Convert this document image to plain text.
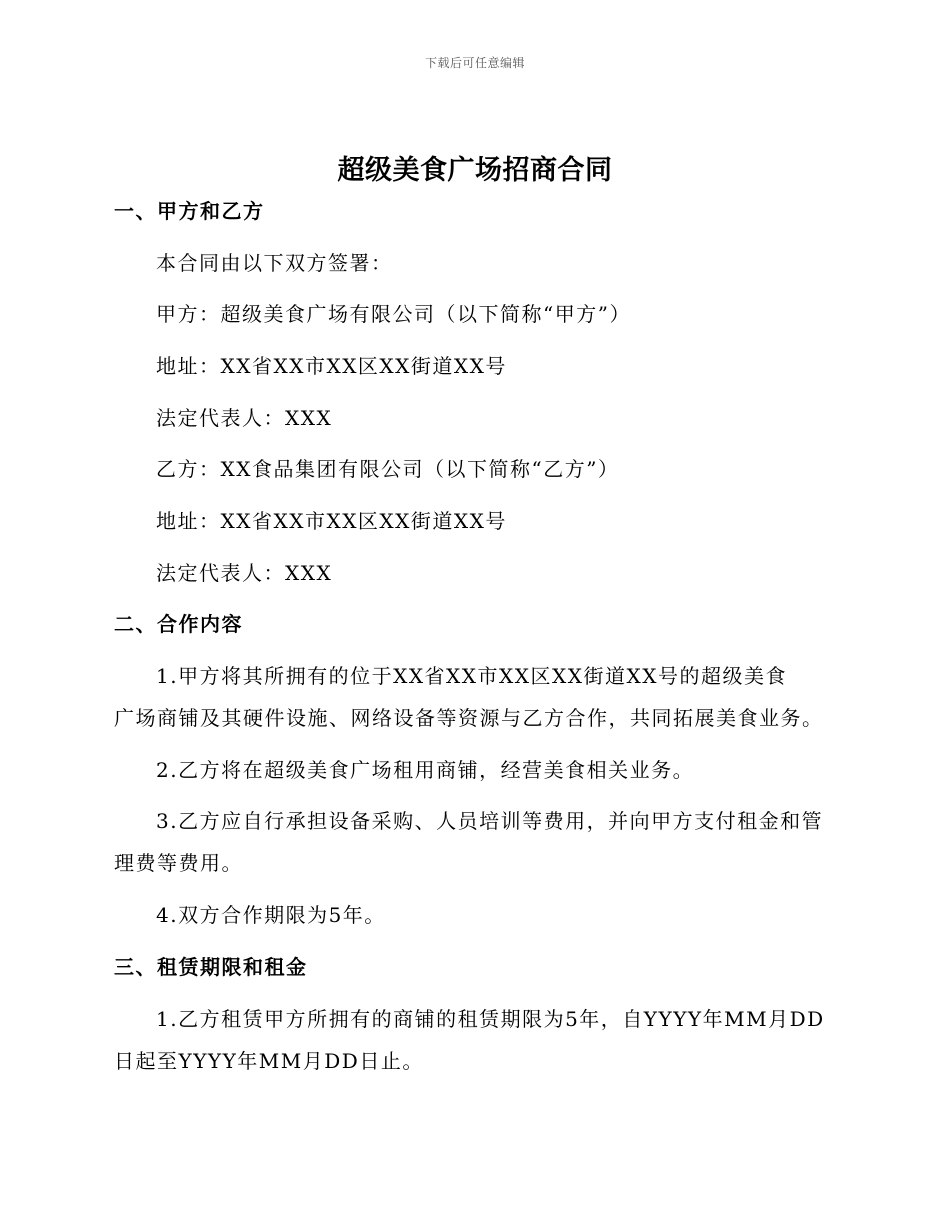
下载后可任意编辑
超级美食广场招商合同
一、甲方和乙方
本合同由以下双方签署：
甲方：超级美食广场有限公司（以下简称“甲方”）
地址：XX省XX市XX区XX街道XX号
法定代表人：XXX
乙方：XX食品集团有限公司（以下简称“乙方”）
地址：XX省XX市XX区XX街道XX号
法定代表人：XXX
二、合作内容
1.甲方将其所拥有的位于XX省XX市XX区XX街道XX号的超级美食
广场商铺及其硬件设施、网络设备等资源与乙方合作，共同拓展美食业务。
2.乙方将在超级美食广场租用商铺，经营美食相关业务。
3.乙方应自行承担设备采购、人员培训等费用，并向甲方支付租金和管
理费等费用。
4.双方合作期限为5年。
三、租赁期限和租金
1.乙方租赁甲方所拥有的商铺的租赁期限为5年，自YYYY年MM月DD
日起至YYYY年MM月DD日止。
